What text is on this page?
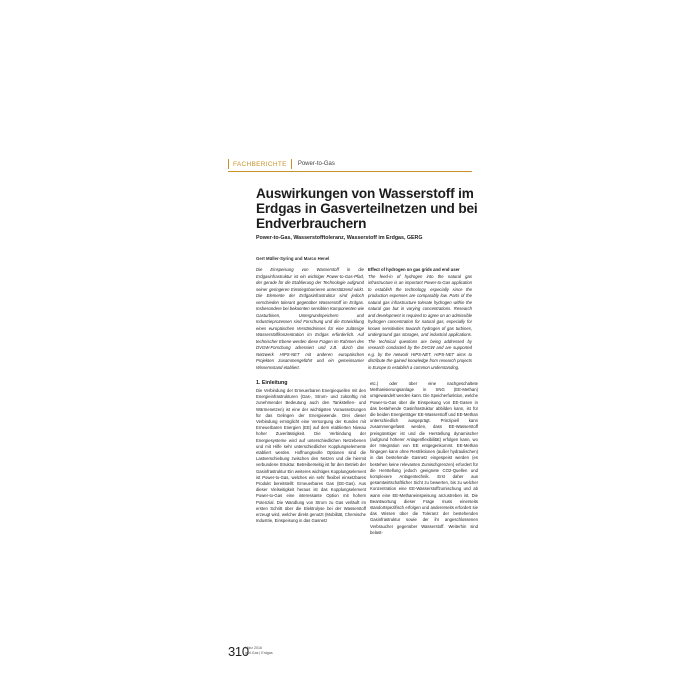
FACHBERICHTE Power-to-Gas
Auswirkungen von Wasserstoff im Erdgas in Gasverteilnetzen und bei Endverbrauchern
Power-to-Gas, Wasserstofftoleranz, Wasserstoff im Erdgas, GERG
Gert Müller-Syring und Marco Henel
Die Einspeisung von Wasserstoff in die Erdgasinfrastruktur ist ein wichtiger Power-to-Gas-Pfad, der gerade für die Etablierung der Technologie aufgrund seiner geringeren Einstiegsbarrieren unterstützend wirkt. Die Elemente der Erdgasinfrastruktur sind jedoch verschieden tolerant gegenüber Wasserstoff im Erdgas. Insbesondere bei bekannten sensiblen Komponenten wie Gasturbinen, Untergrundspeichern und Industrieprozessen sind Forschung und die Entwicklung eines europäischen Verständnisses für eine zulässige Wasserstoffkonzentration im Erdgas erforderlich. Auf technischer Ebene werden diese Fragen im Rahmen des DVGW-Forschung adressiert und z.B. durch das Netzwerk HIPS-NET mit anderen europäischen Projekten zusammengeführt und ein gemeinsamer Wissensstand etabliert.
Effect of hydrogen on gas grids and end user
The feed-in of hydrogen into the natural gas infrastructure is an important Power-to-Gas application to establish the technology, especially since the production expenses are comparably low. Parts of the natural gas infrastructure tolerate hydrogen within the natural gas but in varying concentrations. Research and development is required to agree on an admissible hydrogen concentration for natural gas, especially for known sensitivities towards hydrogen of gas turbines, underground gas storages, and industrial applications. The technical questions are being addressed by research conducted by the DVGW and are supported e.g. by the network HIPS-NET. HIPS-NET aims to distribute the gained knowledge from research projects in Europe to establish a common understanding.
1. Einleitung
Die Verbindung der Erneuerbaren Energiequellen mit den Energieinfrastrukturen (Gas-, Strom- und zukünftig mit zunehmender Bedeutung auch den Tankstellen- und Wärmenetzen) ist eine der wichtigsten Voraussetzungen für das Gelingen der Energiewende. Drei dieser Verbindung ermöglicht eine Versorgung der Kunden mit Erneuerbaren Energien (EE) auf dem etablierten Niveau hoher Zuverlässigkeit. Die Verbindung der Energiesysteme wird auf unterschiedlichen Netzebenen und mit Hilfe sehr unterschiedlicher Kopplungselemente etabliert werden. Hoffnungsvolle Optionen sind die Lastverschiebung zwischen den Netzen und die hiermit verbundene Struktur. Betreiberseitig ist für den Betrieb der Gasinfrastruktur Ein weiteres wichtiges Kopplungselement ist Power-to-Gas, welches ein sehr flexibel einsetzbares Produkt bereitstellt: Erneuerbares Gas (EE-Gas). Aus dieser Vielseitigkeit heraus ist das Kopplungselement Power-to-Gas eine interessante Option mit hohem Potenzial. Die Wandlung von Strom zu Gas verläuft im ersten Schritt über die Elektrolyse bei der Wasserstoff erzeugt wird, welcher direkt genutzt (Mobilität, Chemische Industrie, Einspeisung in das Gasnetz
etc.) oder über eine nachgeschaltete Methanisierungsanlage in SNG (EE-Methan) umgewandelt werden kann. Die Speicherfunktion, welche Power-to-Gas über die Einspeisung von EE-Gasen in das bestehende Gasinfrastruktur abbilden kann, ist für die beiden Energieträger EE-Wasserstoff und EE-Methan unterschiedlich ausgeprägt. Prinzipiell kann zusammengefasst werden, dass EE-Wasserstoff preisgünstiger ist und die Herstellung dynamischer (aufgrund höherer Anlagenflexibilität) erfolgen kann, wo der Integration von EE entgegenkommt. EE-Methan hingegen kann ohne Restriktionen (außer hydraulischen) in das bestehende Gasnetz eingespeist werden (es bestehen keine relevanten Zumischgrenzen) erfordert für die Herstellung jedoch geeignete CO2-Quellen und komplexere Anlagentechnik. Erst daher aus gesamtwirtschaftlicher Sicht zu bewerten, bis zu welcher Konzentration eine EE-Wasserstoffzumischung und ab wann eine EE-Methaneinspeisung anzustreben ist. Die Beantwortung dieser Frage muss einerseits standortspezifisch erfolgen und andererseits erfordert sie das Wissen über die Toleranz der bestehenden Gasinfrastruktur sowie der ihr angeschlossenen Verbraucher gegenüber Wasserstoff. Weiterhin sind belast-
310
März 2016
gwf-Gas | Erdgas
